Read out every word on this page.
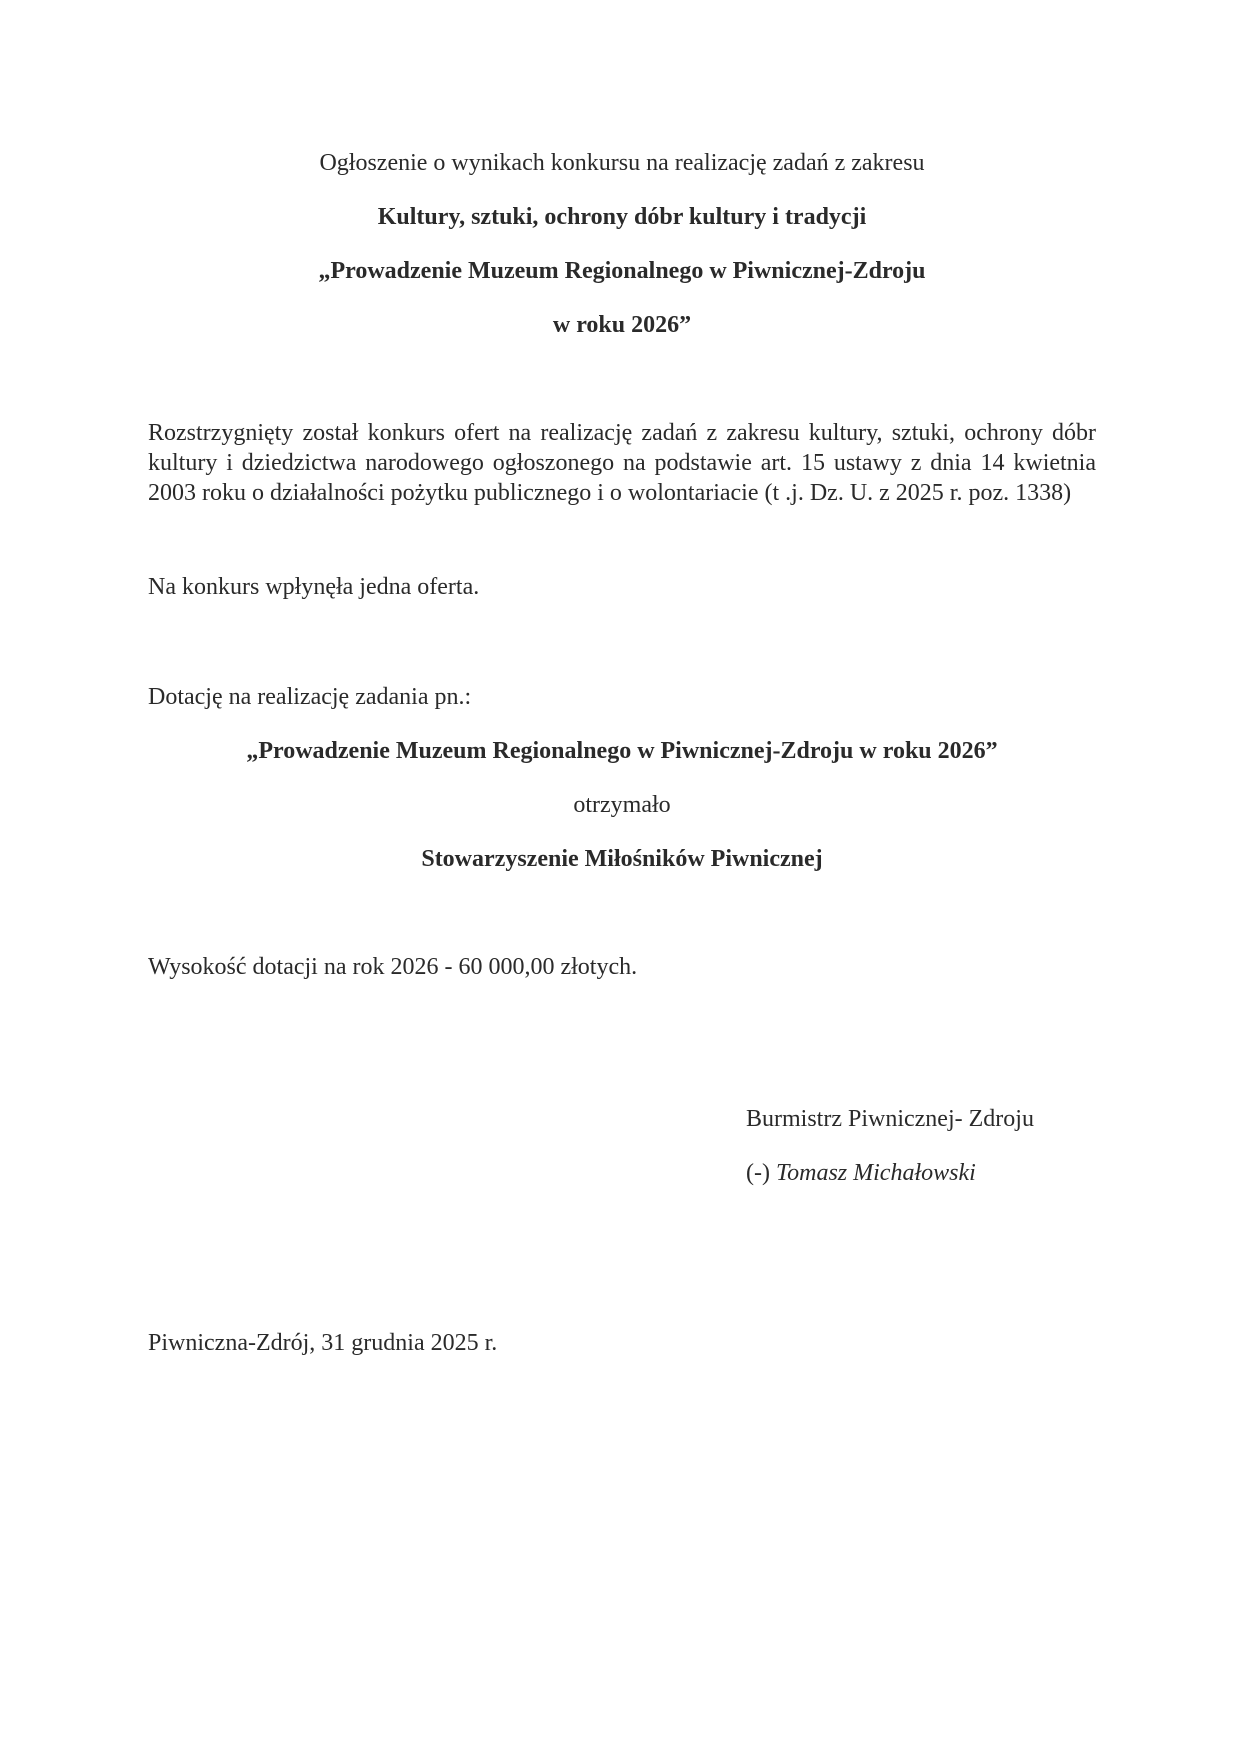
Ogłoszenie o wynikach konkursu na realizację zadań z zakresu
Kultury, sztuki, ochrony dóbr kultury i tradycji
„Prowadzenie Muzeum Regionalnego w Piwnicznej-Zdroju
w roku 2026”
Rozstrzygnięty został konkurs ofert na realizację zadań z zakresu kultury, sztuki, ochrony dóbr kultury i dziedzictwa narodowego ogłoszonego na podstawie art. 15 ustawy z dnia 14 kwietnia 2003 roku o działalności pożytku publicznego i o wolontariacie (t .j. Dz. U. z 2025 r. poz. 1338)
Na konkurs wpłynęła jedna oferta.
Dotację na realizację zadania pn.:
„Prowadzenie Muzeum Regionalnego w Piwnicznej-Zdroju w roku 2026”
otrzymało
Stowarzyszenie Miłośników Piwnicznej
Wysokość dotacji na rok 2026 - 60 000,00 złotych.
Burmistrz Piwnicznej- Zdroju
(-) Tomasz Michałowski
Piwniczna-Zdrój, 31 grudnia 2025 r.
